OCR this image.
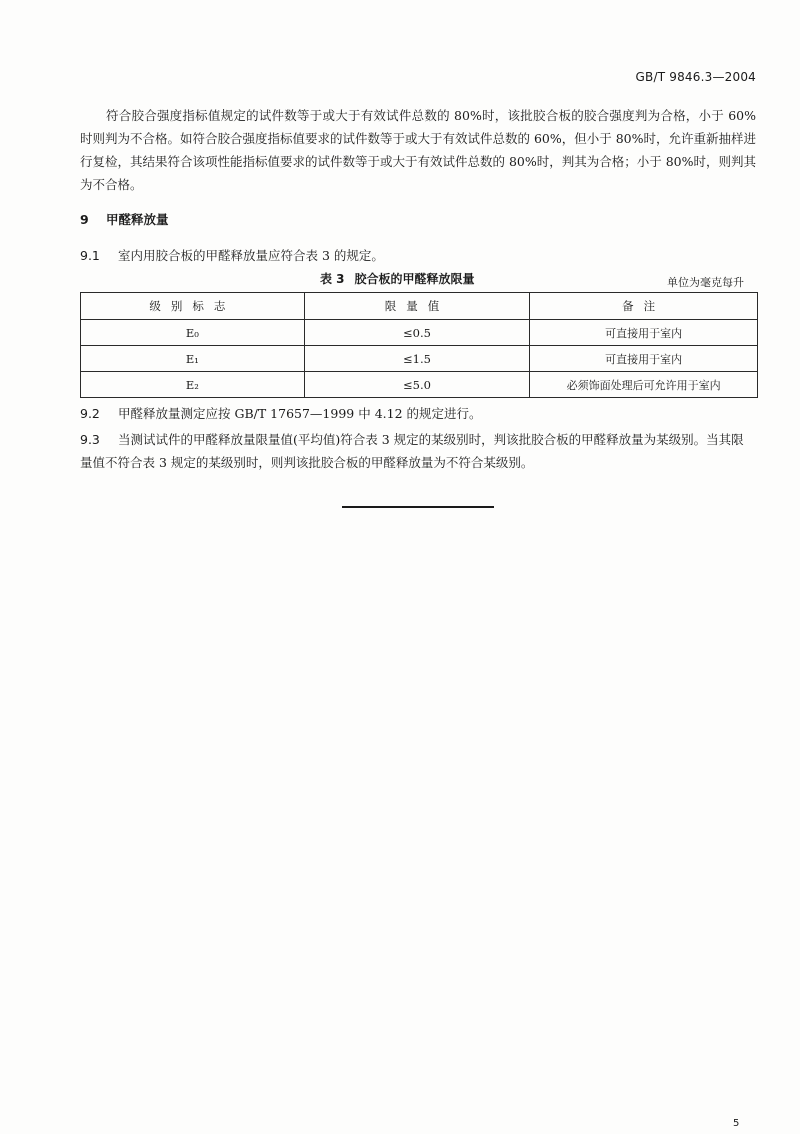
GB/T 9846.3—2004
符合胶合强度指标值规定的试件数等于或大于有效试件总数的 80%时，该批胶合板的胶合强度判为合格，小于 60%时则判为不合格。如符合胶合强度指标值要求的试件数等于或大于有效试件总数的 60%，但小于 80%时，允许重新抽样进行复检，其结果符合该项性能指标值要求的试件数等于或大于有效试件总数的 80%时，判其为合格；小于 80%时，则判其为不合格。
9 甲醛释放量
9.1 室内用胶合板的甲醛释放量应符合表 3 的规定。
表 3 胶合板的甲醛释放限量	单位为毫克每升
级别标志	限量值	备注
E₀	≤0.5	可直接用于室内
E₁	≤1.5	可直接用于室内
E₂	≤5.0	必须饰面处理后可允许用于室内
9.2 甲醛释放量测定应按 GB/T 17657—1999 中 4.12 的规定进行。
9.3 当测试试件的甲醛释放量限量值(平均值)符合表 3 规定的某级别时，判该批胶合板的甲醛释放量为某级别。当其限量值不符合表 3 规定的某级别时，则判该批胶合板的甲醛释放量为不符合某级别。
5
